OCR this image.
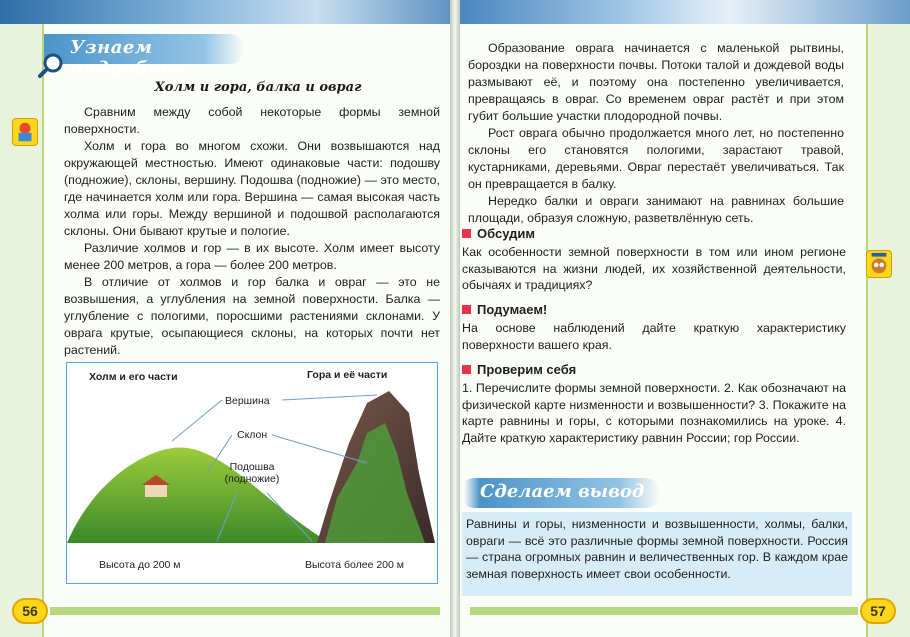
Узнаем подробнее
Холм и гора, балка и овраг

Сравним между собой некоторые формы земной поверхности.

Холм и гора во многом схожи. Они возвышаются над окружающей местностью. Имеют одинаковые части: подошву (подножие), склоны, вершину. Подошва (подножие) — это место, где начинается холм или гора. Вершина — самая высокая часть холма или горы. Между вершиной и подошвой располагаются склоны. Они бывают крутые и пологие.

Различие холмов и гор — в их высоте. Холм имеет высоту менее 200 метров, а гора — более 200 метров.

В отличие от холмов и гор балка и овраг — это не возвышения, а углубления на земной поверхности. Балка — углубление с пологими, поросшими растениями склонами. У оврага крутые, осыпающиеся склоны, на которых почти нет растений.

Холм и его части	Гора и её части
Вершина
Склон
Подошва
(подножие)
Высота до 200 м	Высота более 200 м
56

Образование оврага начинается с маленькой рытвины, бороздки на поверхности почвы. Потоки талой и дождевой воды размывают её, и поэтому она постепенно увеличивается, превращаясь в овраг. Со временем овраг растёт и при этом губит большие участки плодородной почвы.

Рост оврага обычно продолжается много лет, но постепенно склоны его становятся пологими, зарастают травой, кустарниками, деревьями. Овраг перестаёт увеличиваться. Так он превращается в балку.

Нередко балки и овраги занимают на равнинах большие площади, образуя сложную, разветвлённую сеть.

Обсудим
Как особенности земной поверхности в том или ином регионе сказываются на жизни людей, их хозяйственной деятельности, обычаях и традициях?
Подумаем!
На основе наблюдений дайте краткую характеристику поверхности вашего края.
Проверим себя
1. Перечислите формы земной поверхности. 2. Как обозначают на физической карте низменности и возвышенности? 3. Покажите на карте равнины и горы, с которыми познакомились на уроке. 4. Дайте краткую характеристику равнин России; гор России.
Сделаем вывод
Равнины и горы, низменности и возвышенности, холмы, балки, овраги — всё это различные формы земной поверхности. Россия — страна огромных равнин и величественных гор. В каждом крае земная поверхность имеет свои особенности.
57
